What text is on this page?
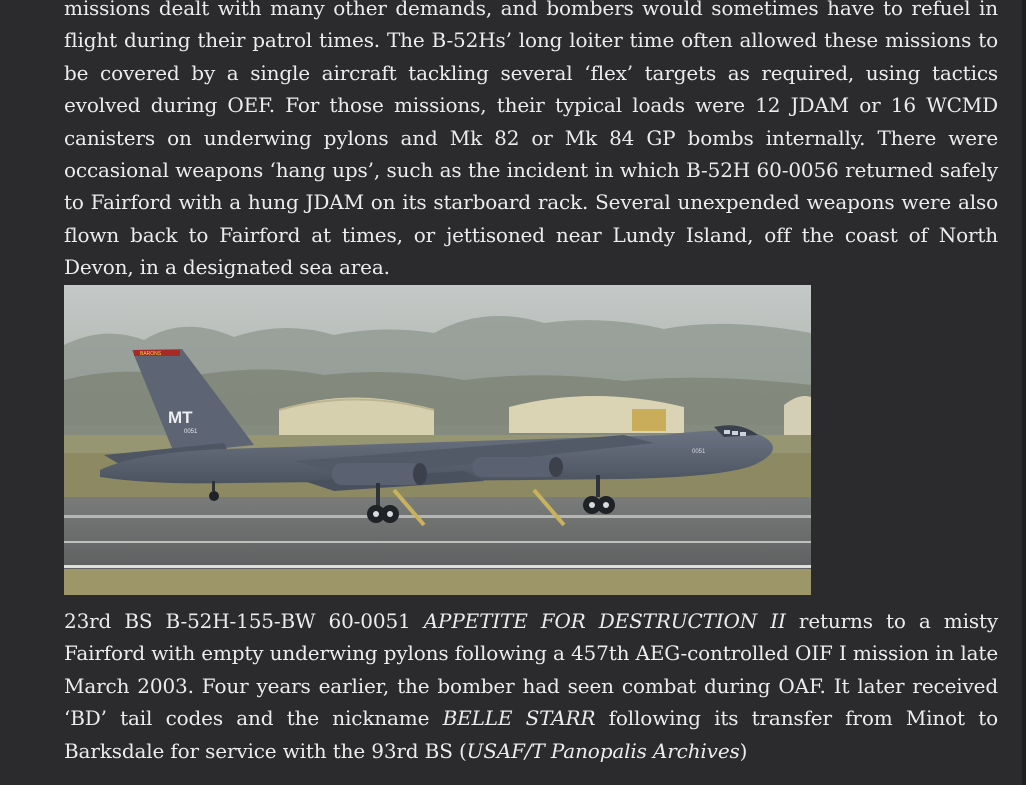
missions dealt with many other demands, and bombers would sometimes have to refuel in flight during their patrol times. The B-52Hs’ long loiter time often allowed these missions to be covered by a single aircraft tackling several ‘flex’ targets as required, using tactics evolved during OEF. For those missions, their typical loads were 12 JDAM or 16 WCMD canisters on underwing pylons and Mk 82 or Mk 84 GP bombs internally. There were occasional weapons ‘hang ups’, such as the incident in which B-52H 60-0056 returned safely to Fairford with a hung JDAM on its starboard rack. Several unexpended weapons were also flown back to Fairford at times, or jettisoned near Lundy Island, off the coast of North Devon, in a designated sea area.

BARONS
MT
0051
0051

23rd BS B-52H-155-BW 60-0051 APPETITE FOR DESTRUCTION II returns to a misty Fairford with empty underwing pylons following a 457th AEG-controlled OIF I mission in late March 2003. Four years earlier, the bomber had seen combat during OAF. It later received ‘BD’ tail codes and the nickname BELLE STARR following its transfer from Minot to Barksdale for service with the 93rd BS (USAF/T Panopalis Archives)
